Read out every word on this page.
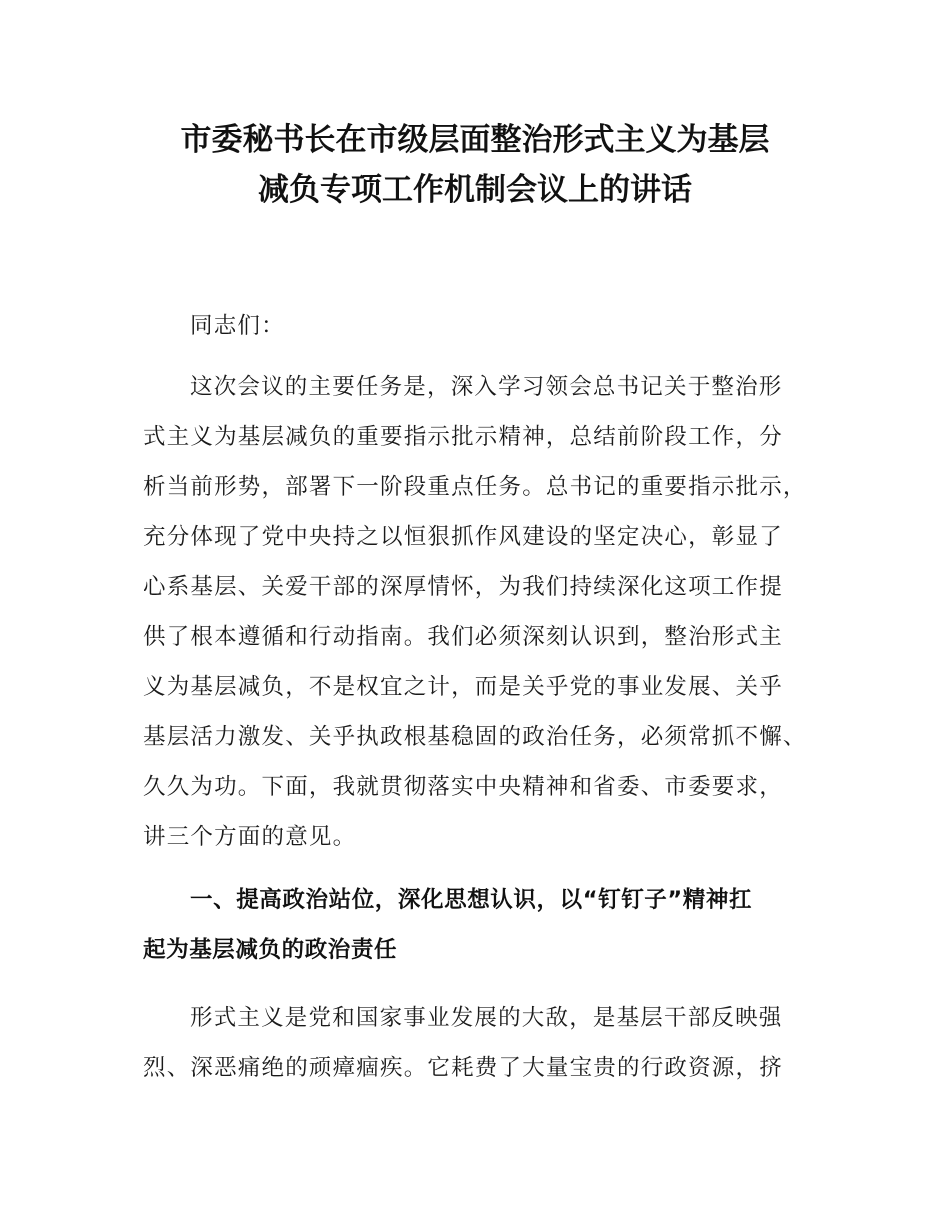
市委秘书长在市级层面整治形式主义为基层
减负专项工作机制会议上的讲话
同志们：
这次会议的主要任务是，深入学习领会总书记关于整治形
式主义为基层减负的重要指示批示精神，总结前阶段工作，分
析当前形势，部署下一阶段重点任务。总书记的重要指示批示，
充分体现了党中央持之以恒狠抓作风建设的坚定决心，彰显了
心系基层、关爱干部的深厚情怀，为我们持续深化这项工作提
供了根本遵循和行动指南。我们必须深刻认识到，整治形式主
义为基层减负，不是权宜之计，而是关乎党的事业发展、关乎
基层活力激发、关乎执政根基稳固的政治任务，必须常抓不懈、
久久为功。下面，我就贯彻落实中央精神和省委、市委要求，
讲三个方面的意见。
一、提高政治站位，深化思想认识，以“钉钉子”精神扛
起为基层减负的政治责任
形式主义是党和国家事业发展的大敌，是基层干部反映强
烈、深恶痛绝的顽瘴痼疾。它耗费了大量宝贵的行政资源，挤
